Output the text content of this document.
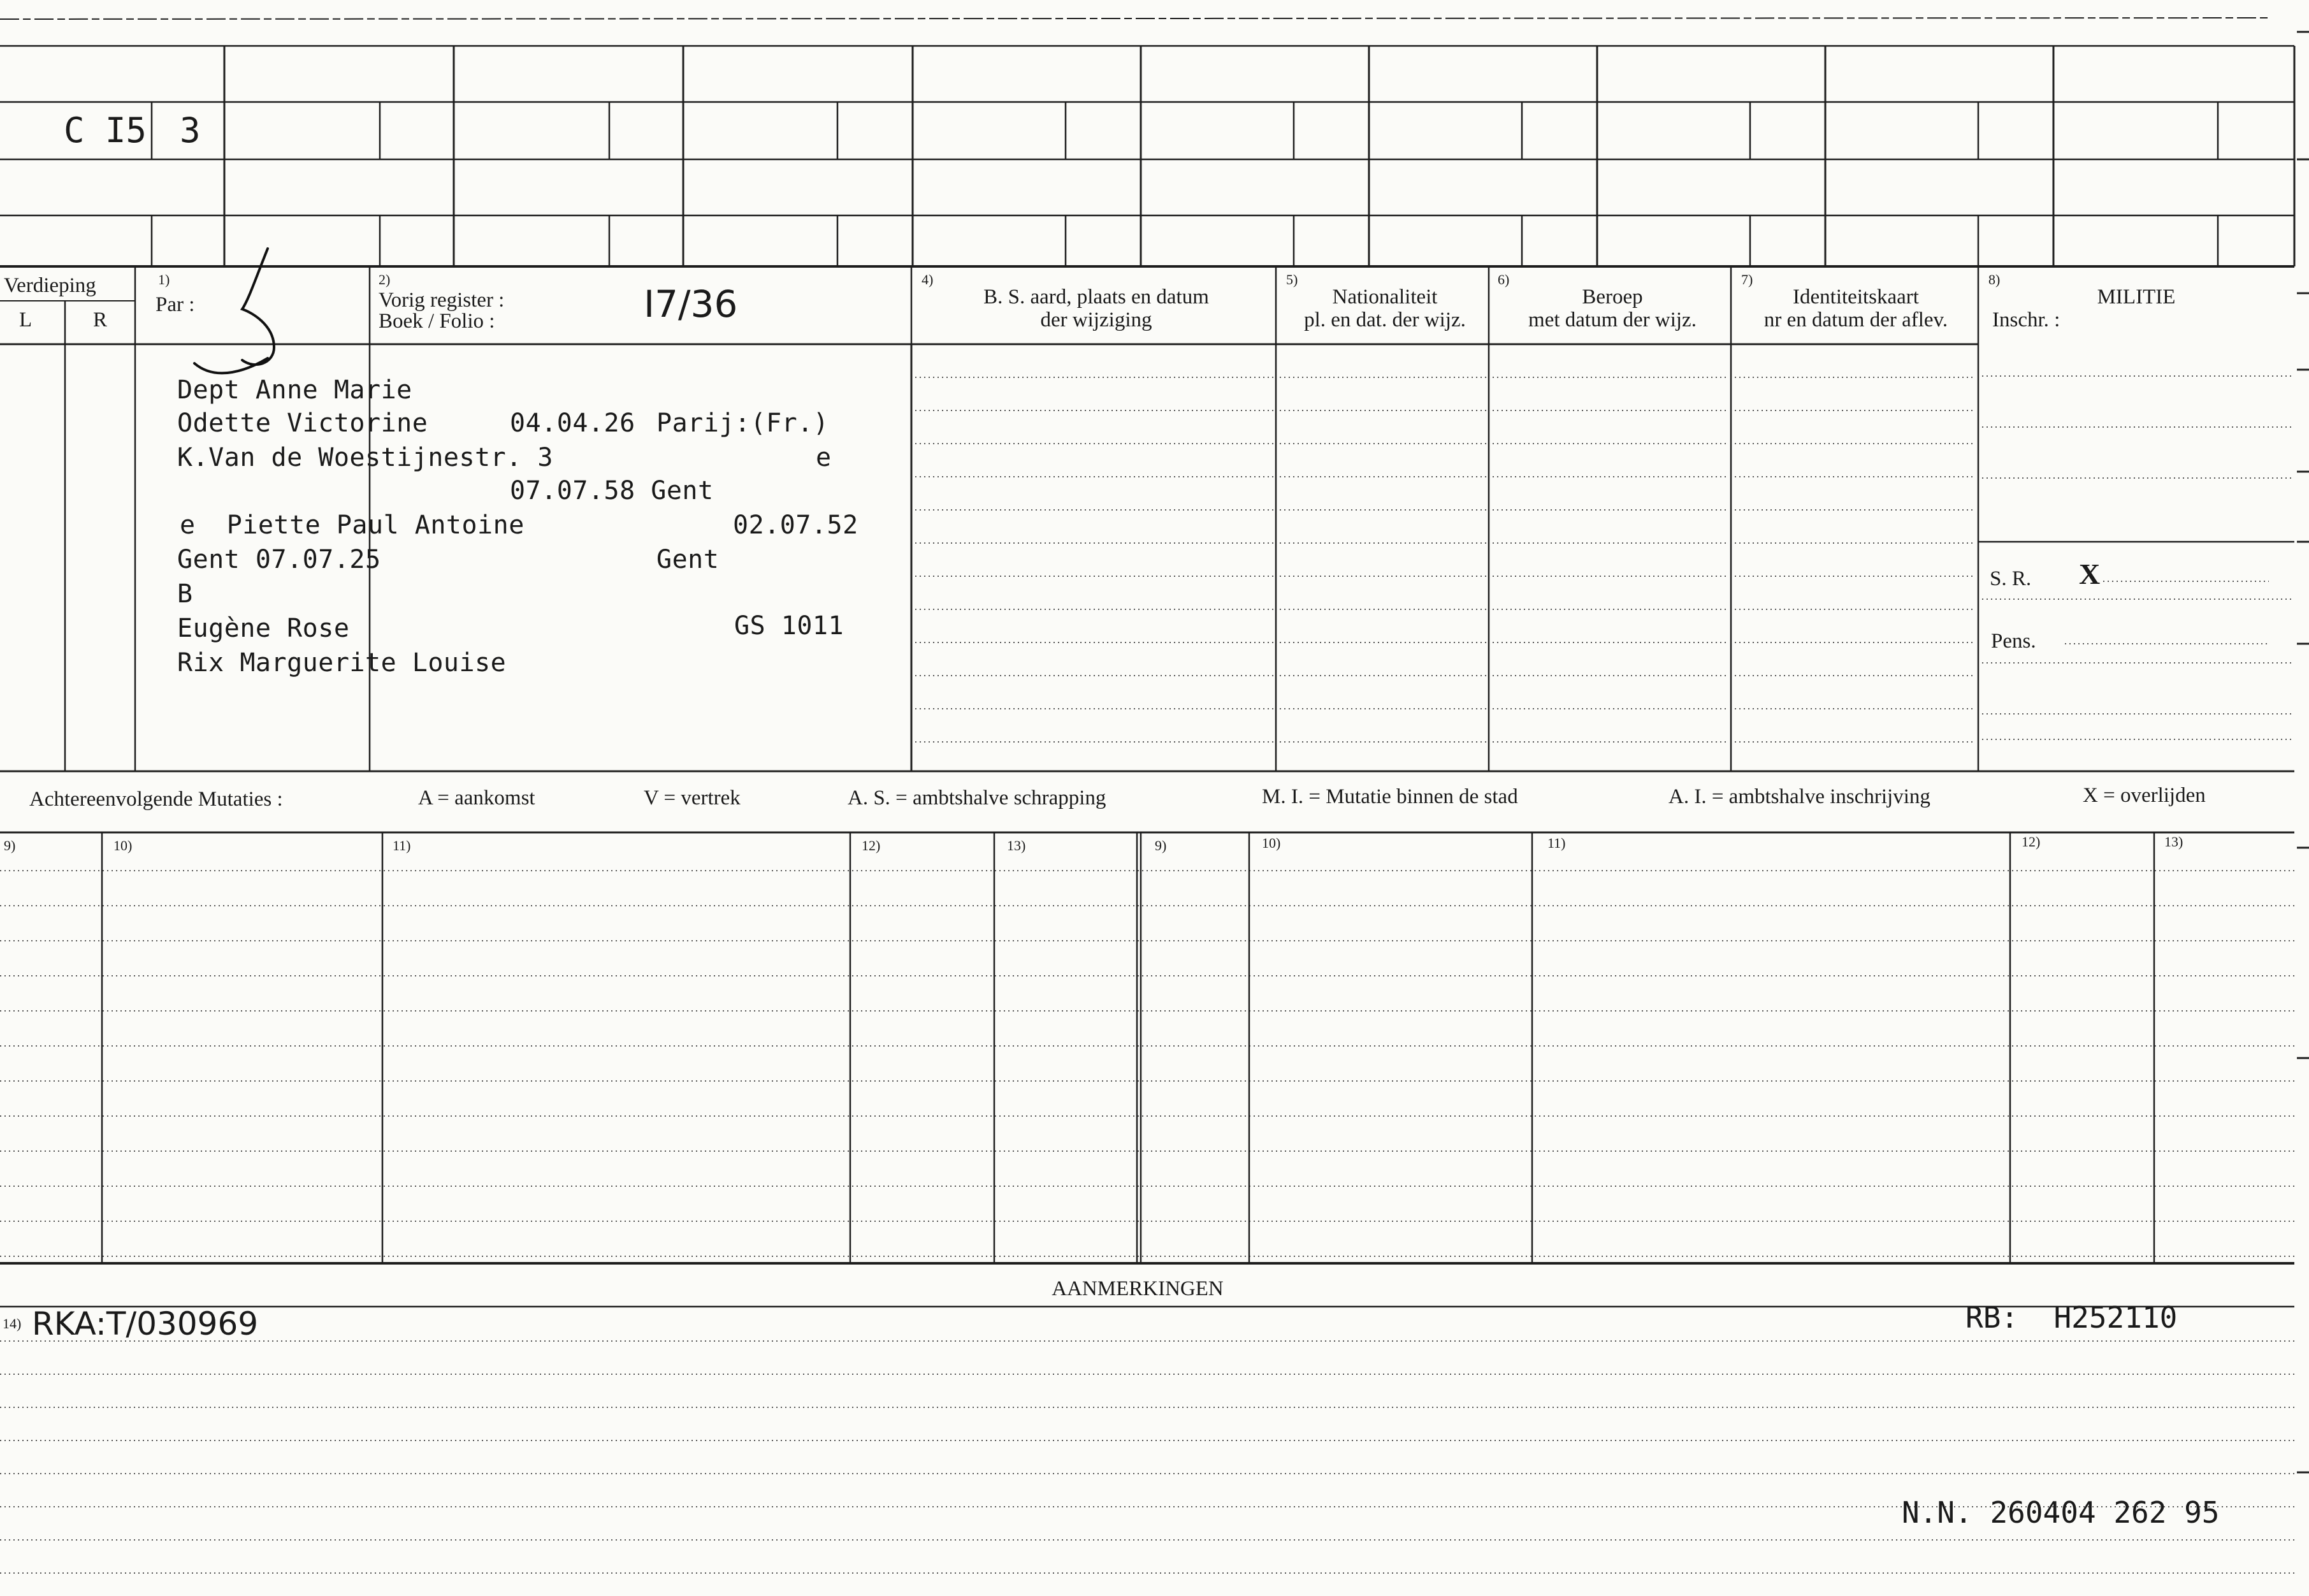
C I5 3
Verdieping
L	R
1)
Par :
2)
Vorig register :
Boek / Folio :	I7/36
4)
B. S. aard, plaats en datum
der wijziging
5)
Nationaliteit
pl. en dat. der wijz.
6)
Beroep
met datum der wijz.
7)
Identiteitskaart
nr en datum der aflev.
8)
MILITIE
Inschr. :
S. R. X
Pens.
Dept Anne Marie
Odette Victorine	04.04.26 Parij:(Fr.)
K.Van de Woestijnestr. 3	e
07.07.58 Gent
e  Piette Paul Antoine	02.07.52
Gent 07.07.25	Gent
B
Eugène Rose	GS 1011
Rix Marguerite Louise
Achtereenvolgende Mutaties :	A = aankomst	V = vertrek	A. S. = ambtshalve schrapping	M. I. = Mutatie binnen de stad	A. I. = ambtshalve inschrijving	X = overlijden
9)	10)	11)	12)	13)	9)	10)	11)	12)	13)
AANMERKINGEN
14) RKA:T/030969	RB:  H252110
N.N. 260404 262 95
